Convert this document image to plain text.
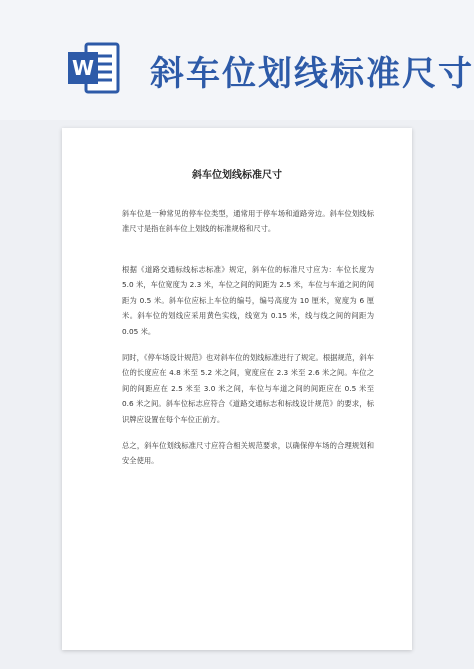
W 斜车位划线标准尺寸
斜车位划线标准尺寸
斜车位是一种常见的停车位类型，通常用于停车场和道路旁边。斜车位划线标准尺寸是指在斜车位上划线的标准规格和尺寸。
根据《道路交通标线标志标准》规定，斜车位的标准尺寸应为：车位长度为 5.0 米，车位宽度为 2.3 米，车位之间的间距为 2.5 米，车位与车道之间的间距为 0.5 米。斜车位应标上车位的编号，编号高度为 10 厘米，宽度为 6 厘米。斜车位的划线应采用黄色实线，线宽为 0.15 米，线与线之间的间距为 0.05 米。
同时，《停车场设计规范》也对斜车位的划线标准进行了规定。根据规范，斜车位的长度应在 4.8 米至 5.2 米之间，宽度应在 2.3 米至 2.6 米之间。车位之间的间距应在 2.5 米至 3.0 米之间，车位与车道之间的间距应在 0.5 米至 0.6 米之间。斜车位标志应符合《道路交通标志和标线设计规范》的要求，标识牌应设置在每个车位正前方。
总之，斜车位划线标准尺寸应符合相关规范要求，以确保停车场的合理规划和安全使用。
